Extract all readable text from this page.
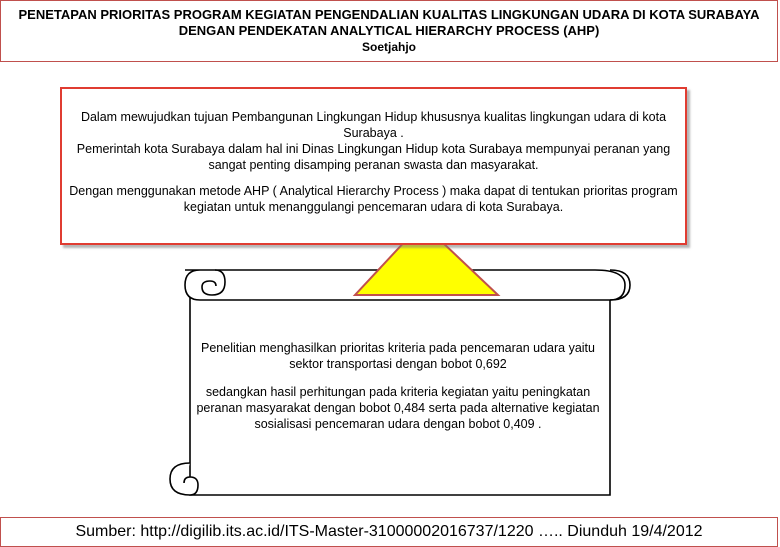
PENETAPAN PRIORITAS PROGRAM KEGIATAN PENGENDALIAN KUALITAS LINGKUNGAN UDARA DI KOTA SURABAYA DENGAN PENDEKATAN ANALYTICAL HIERARCHY PROCESS (AHP)
Soetjahjo

Dalam mewujudkan tujuan Pembangunan Lingkungan Hidup khususnya kualitas lingkungan udara di kota Surabaya .

Pemerintah kota Surabaya dalam hal ini Dinas Lingkungan Hidup kota Surabaya mempunyai peranan yang sangat penting disamping peranan swasta dan masyarakat.

Dengan menggunakan metode AHP ( Analytical Hierarchy Process ) maka dapat di tentukan prioritas program kegiatan untuk menanggulangi pencemaran udara di kota Surabaya.

Penelitian menghasilkan prioritas kriteria pada pencemaran udara yaitu sektor transportasi dengan bobot 0,692

sedangkan hasil perhitungan pada kriteria kegiatan yaitu peningkatan peranan masyarakat dengan bobot 0,484 serta pada alternative kegiatan sosialisasi pencemaran udara dengan bobot 0,409 .

Sumber: http://digilib.its.ac.id/ITS-Master-31000002016737/1220 ….. Diunduh 19/4/2012
